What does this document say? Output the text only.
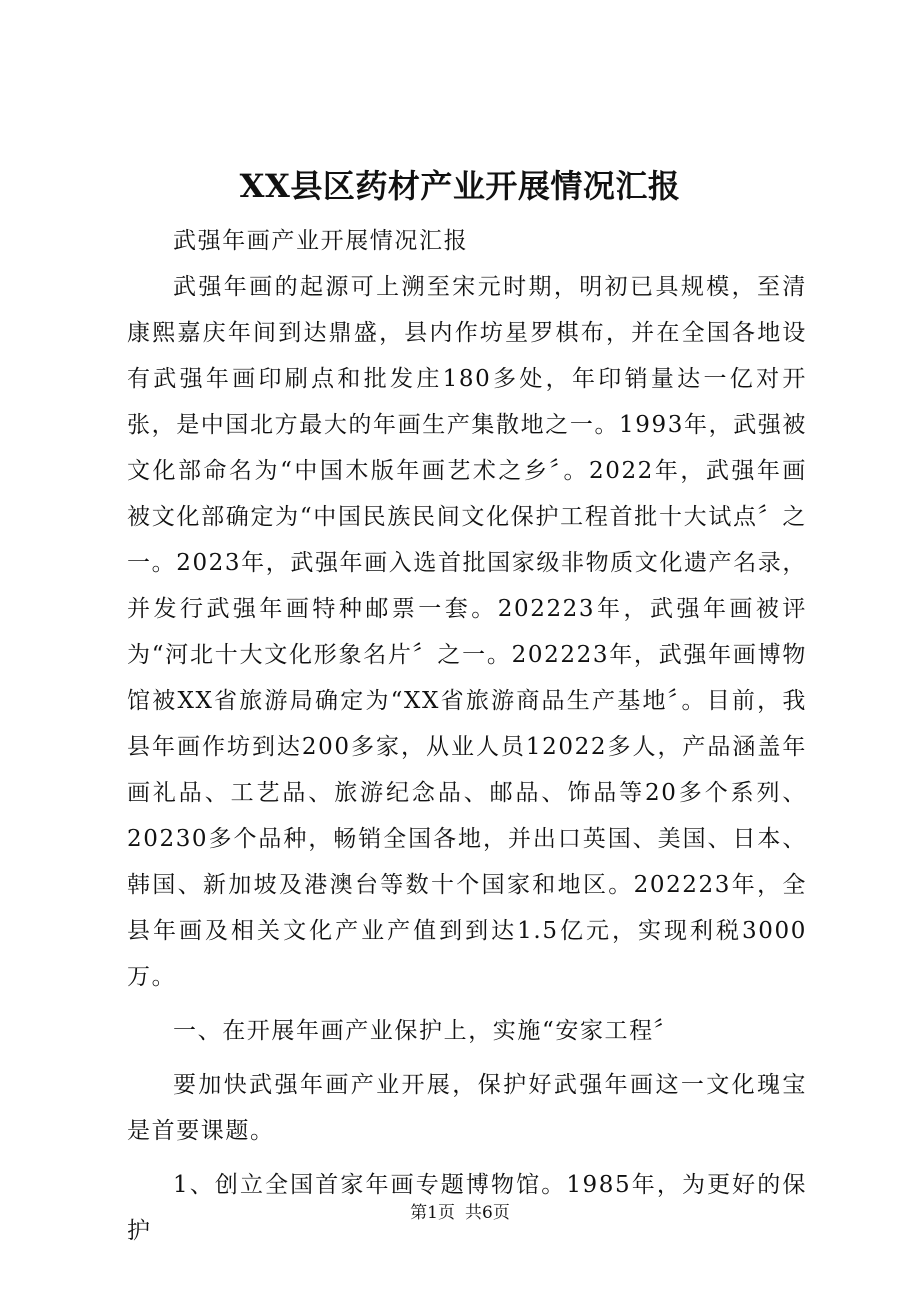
XX县区药材产业开展情况汇报

武强年画产业开展情况汇报

武强年画的起源可上溯至宋元时期，明初已具规模，至清康熙嘉庆年间到达鼎盛，县内作坊星罗棋布，并在全国各地设有武强年画印刷点和批发庄180多处，年印销量达一亿对开张，是中国北方最大的年画生产集散地之一。1993年，武强被文化部命名为“中国木版年画艺术之乡〞。2022年，武强年画被文化部确定为“中国民族民间文化保护工程首批十大试点〞之一。2023年，武强年画入选首批国家级非物质文化遗产名录，并发行武强年画特种邮票一套。202223年，武强年画被评为“河北十大文化形象名片〞之一。202223年，武强年画博物馆被XX省旅游局确定为“XX省旅游商品生产基地〞。目前，我县年画作坊到达200多家，从业人员12022多人，产品涵盖年画礼品、工艺品、旅游纪念品、邮品、饰品等20多个系列、20230多个品种，畅销全国各地，并出口英国、美国、日本、韩国、新加坡及港澳台等数十个国家和地区。202223年，全县年画及相关文化产业产值到到达1.5亿元，实现利税3000万。

一、在开展年画产业保护上，实施“安家工程〞

要加快武强年画产业开展，保护好武强年画这一文化瑰宝是首要课题。

1、创立全国首家年画专题博物馆。1985年，为更好的保护

第1页 共6页
